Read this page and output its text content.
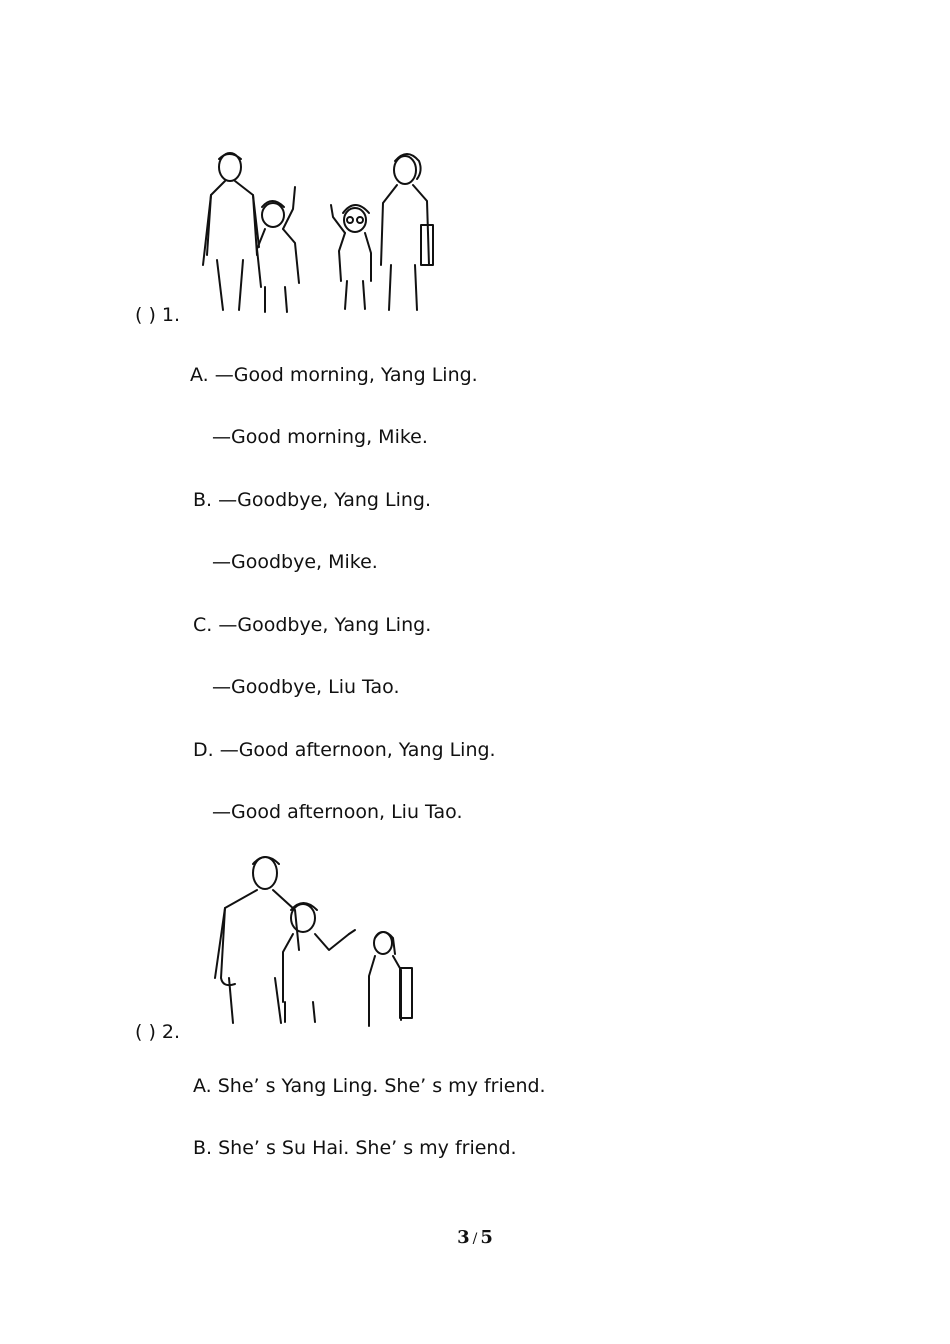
( ) 1.
A. —Good morning, Yang Ling.
—Good morning, Mike.
B. —Goodbye, Yang Ling.
—Goodbye, Mike.
C. —Goodbye, Yang Ling.
—Goodbye, Liu Tao.
D. —Good afternoon, Yang Ling.
—Good afternoon, Liu Tao.
( ) 2.
A. She’ s Yang Ling. She’ s my friend.
B. She’ s Su Hai. She’ s my friend.
3 / 5
